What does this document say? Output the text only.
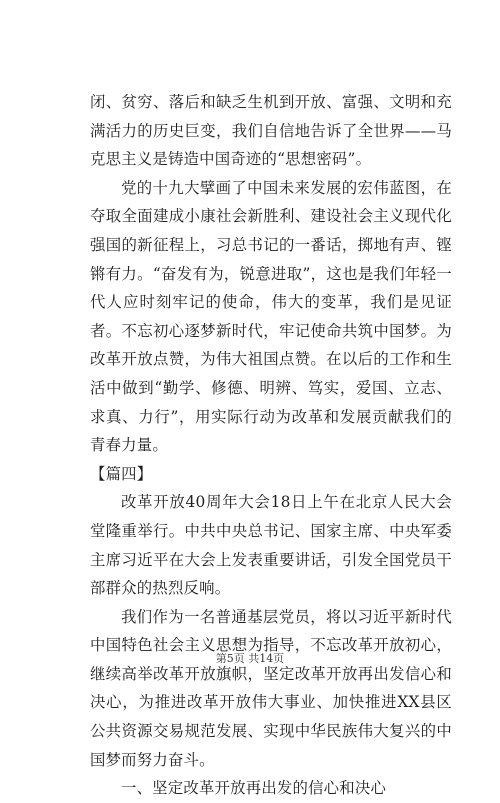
闭、贫穷、落后和缺乏生机到开放、富强、文明和充满活力的历史巨变，我们自信地告诉了全世界——马克思主义是铸造中国奇迹的“思想密码”。

党的十九大擘画了中国未来发展的宏伟蓝图，在夺取全面建成小康社会新胜利、建设社会主义现代化强国的新征程上，习总书记的一番话，掷地有声、铿锵有力。“奋发有为，锐意进取”，这也是我们年轻一代人应时刻牢记的使命，伟大的变革，我们是见证者。不忘初心逐梦新时代，牢记使命共筑中国梦。为改革开放点赞，为伟大祖国点赞。在以后的工作和生活中做到“勤学、修德、明辨、笃实，爱国、立志、求真、力行”，用实际行动为改革和发展贡献我们的青春力量。

【篇四】

改革开放40周年大会18日上午在北京人民大会堂隆重举行。中共中央总书记、国家主席、中央军委主席习近平在大会上发表重要讲话，引发全国党员干部群众的热烈反响。

我们作为一名普通基层党员，将以习近平新时代中国特色社会主义思想为指导，不忘改革开放初心，继续高举改革开放旗帜，坚定改革开放再出发信心和决心，为推进改革开放伟大事业、加快推进XX县区公共资源交易规范发展、实现中华民族伟大复兴的中国梦而努力奋斗。

一、坚定改革开放再出发的信心和决心

第5页 共14页
